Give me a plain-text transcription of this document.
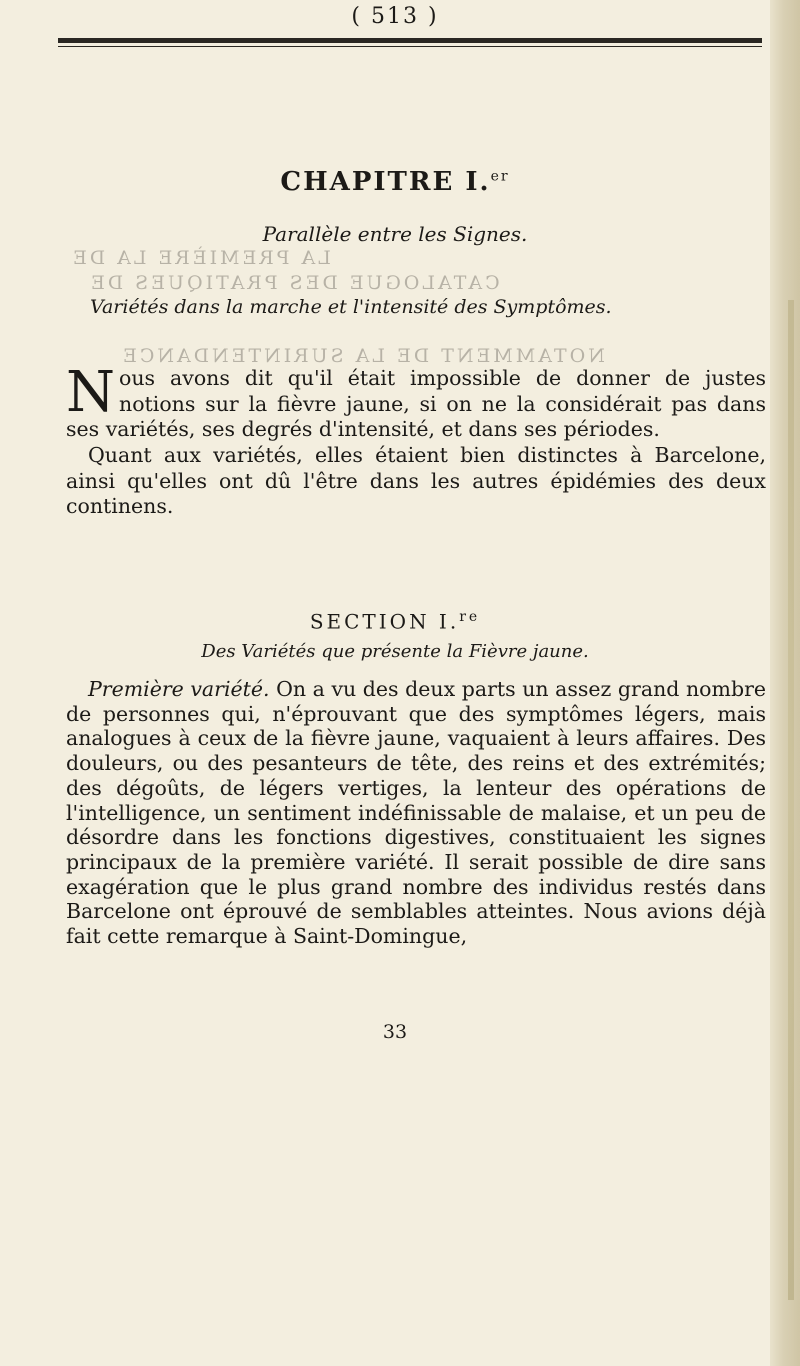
( 513 )
CHAPITRE I.$^{er}$
Parallèle entre les Signes.
LA PREMIÈRE LA DE
CATALOGUE DES PRATIQUES DE
NOTAMMENT DE LA SURINTENDANCE
Variétés dans la marche et l'intensité des Symptômes.
Nous avons dit qu'il était impossible de donner de justes notions sur la fièvre jaune, si on ne la considérait pas dans ses variétés, ses degrés d'intensité, et dans ses périodes.
Quant aux variétés, elles étaient bien distinctes à Barcelone, ainsi qu'elles ont dû l'être dans les autres épidémies des deux continens.
SECTION I.$^{re}$
Des Variétés que présente la Fièvre jaune.
Première variété. On a vu des deux parts un assez grand nombre de personnes qui, n'éprouvant que des symptômes légers, mais analogues à ceux de la fièvre jaune, vaquaient à leurs affaires. Des douleurs, ou des pesanteurs de tête, des reins et des extrémités; des dégoûts, de légers vertiges, la lenteur des opérations de l'intelligence, un sentiment indéfinissable de malaise, et un peu de désordre dans les fonctions digestives, constituaient les signes principaux de la première variété. Il serait possible de dire sans exagération que le plus grand nombre des individus restés dans Barcelone ont éprouvé de semblables atteintes. Nous avions déjà fait cette remarque à Saint-Domingue,
33
